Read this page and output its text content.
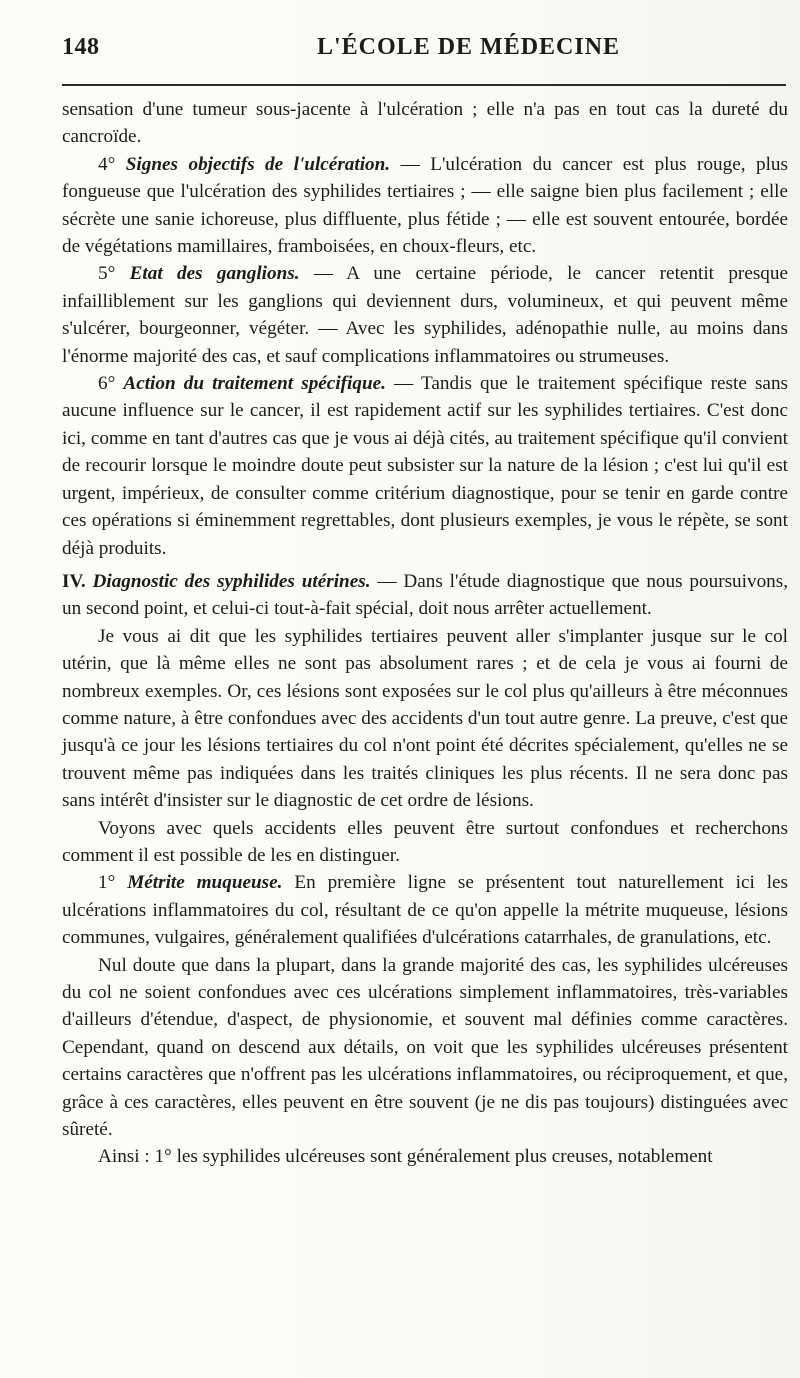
148	L'ÉCOLE DE MÉDECINE

sensation d'une tumeur sous-jacente à l'ulcération ; elle n'a pas en tout cas la dureté du cancroïde.

4° Signes objectifs de l'ulcération. — L'ulcération du cancer est plus rouge, plus fongueuse que l'ulcération des syphilides tertiaires ; — elle saigne bien plus facilement ; elle sécrète une sanie ichoreuse, plus diffluente, plus fétide ; — elle est souvent entourée, bordée de végétations mamillaires, framboisées, en choux-fleurs, etc.

5° Etat des ganglions. — A une certaine période, le cancer retentit presque infailliblement sur les ganglions qui deviennent durs, volumineux, et qui peuvent même s'ulcérer, bourgeonner, végéter. — Avec les syphilides, adénopathie nulle, au moins dans l'énorme majorité des cas, et sauf complications inflammatoires ou strumeuses.

6° Action du traitement spécifique. — Tandis que le traitement spécifique reste sans aucune influence sur le cancer, il est rapidement actif sur les syphilides tertiaires. C'est donc ici, comme en tant d'autres cas que je vous ai déjà cités, au traitement spécifique qu'il convient de recourir lorsque le moindre doute peut subsister sur la nature de la lésion ; c'est lui qu'il est urgent, impérieux, de consulter comme critérium diagnostique, pour se tenir en garde contre ces opérations si éminemment regrettables, dont plusieurs exemples, je vous le répète, se sont déjà produits.

IV. Diagnostic des syphilides utérines. — Dans l'étude diagnostique que nous poursuivons, un second point, et celui-ci tout-à-fait spécial, doit nous arrêter actuellement.

Je vous ai dit que les syphilides tertiaires peuvent aller s'implanter jusque sur le col utérin, que là même elles ne sont pas absolument rares ; et de cela je vous ai fourni de nombreux exemples. Or, ces lésions sont exposées sur le col plus qu'ailleurs à être méconnues comme nature, à être confondues avec des accidents d'un tout autre genre. La preuve, c'est que jusqu'à ce jour les lésions tertiaires du col n'ont point été décrites spécialement, qu'elles ne se trouvent même pas indiquées dans les traités cliniques les plus récents. Il ne sera donc pas sans intérêt d'insister sur le diagnostic de cet ordre de lésions.

Voyons avec quels accidents elles peuvent être surtout confondues et recherchons comment il est possible de les en distinguer.

1° Métrite muqueuse. En première ligne se présentent tout naturellement ici les ulcérations inflammatoires du col, résultant de ce qu'on appelle la métrite muqueuse, lésions communes, vulgaires, généralement qualifiées d'ulcérations catarrhales, de granulations, etc.

Nul doute que dans la plupart, dans la grande majorité des cas, les syphilides ulcéreuses du col ne soient confondues avec ces ulcérations simplement inflammatoires, très-variables d'ailleurs d'étendue, d'aspect, de physionomie, et souvent mal définies comme caractères. Cependant, quand on descend aux détails, on voit que les syphilides ulcéreuses présentent certains caractères que n'offrent pas les ulcérations inflammatoires, ou réciproquement, et que, grâce à ces caractères, elles peuvent en être souvent (je ne dis pas toujours) distinguées avec sûreté.

Ainsi : 1° les syphilides ulcéreuses sont généralement plus creuses, notablement
